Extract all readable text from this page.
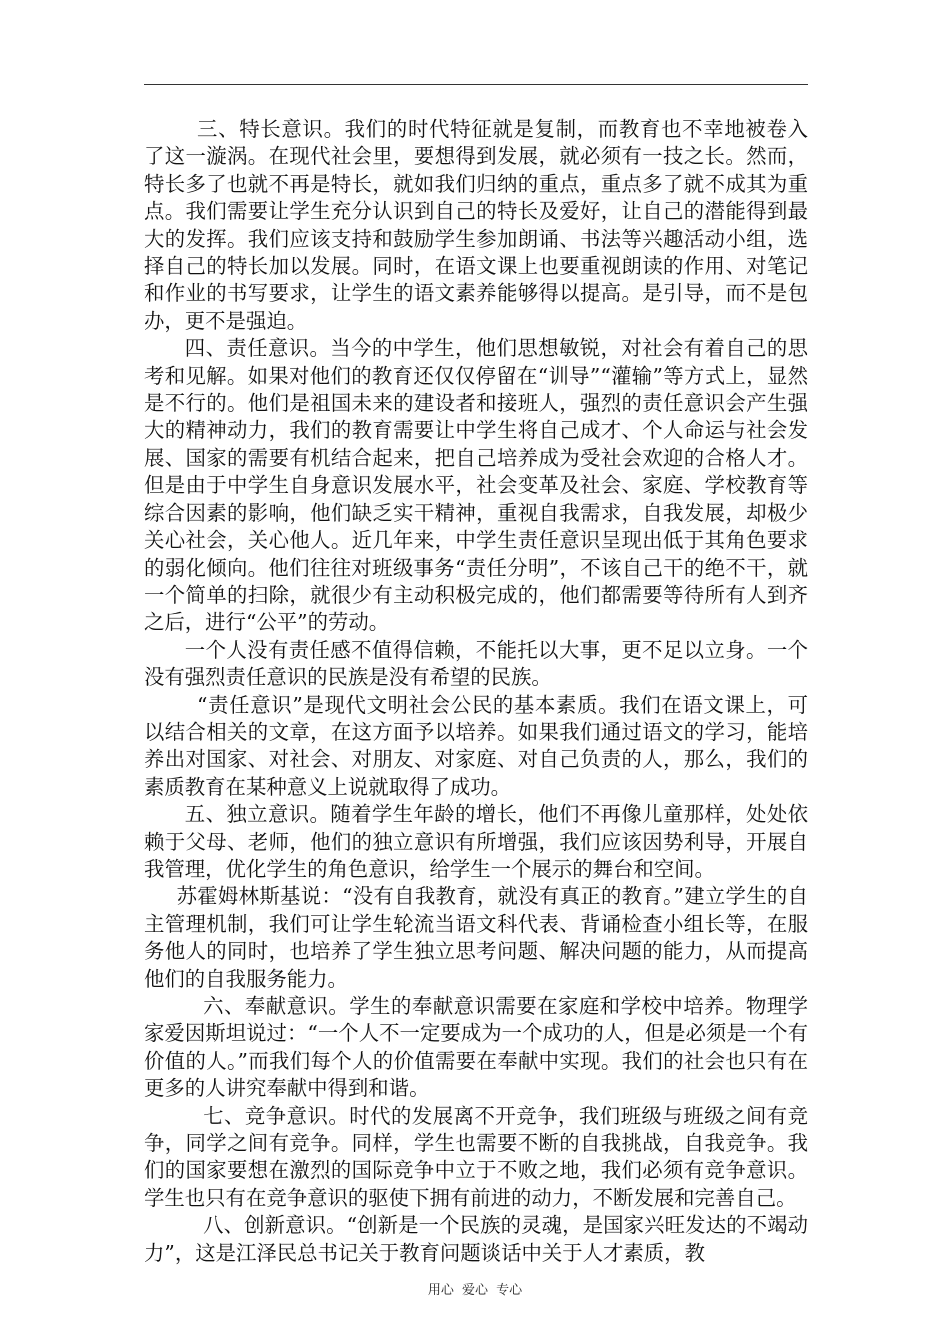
三、特长意识。我们的时代特征就是复制，而教育也不幸地被卷入了这一漩涡。在现代社会里，要想得到发展，就必须有一技之长。然而，特长多了也就不再是特长，就如我们归纳的重点，重点多了就不成其为重点。我们需要让学生充分认识到自己的特长及爱好，让自己的潜能得到最大的发挥。我们应该支持和鼓励学生参加朗诵、书法等兴趣活动小组，选择自己的特长加以发展。同时，在语文课上也要重视朗读的作用、对笔记和作业的书写要求，让学生的语文素养能够得以提高。是引导，而不是包办，更不是强迫。

四、责任意识。当今的中学生，他们思想敏锐，对社会有着自己的思考和见解。如果对他们的教育还仅仅停留在“训导”“灌输”等方式上，显然是不行的。他们是祖国未来的建设者和接班人，强烈的责任意识会产生强大的精神动力，我们的教育需要让中学生将自己成才、个人命运与社会发展、国家的需要有机结合起来，把自己培养成为受社会欢迎的合格人才。但是由于中学生自身意识发展水平，社会变革及社会、家庭、学校教育等综合因素的影响，他们缺乏实干精神，重视自我需求，自我发展，却极少关心社会，关心他人。近几年来，中学生责任意识呈现出低于其角色要求的弱化倾向。他们往往对班级事务“责任分明”，不该自己干的绝不干，就一个简单的扫除，就很少有主动积极完成的，他们都需要等待所有人到齐之后，进行“公平”的劳动。

一个人没有责任感不值得信赖，不能托以大事，更不足以立身。一个没有强烈责任意识的民族是没有希望的民族。

“责任意识”是现代文明社会公民的基本素质。我们在语文课上，可以结合相关的文章，在这方面予以培养。如果我们通过语文的学习，能培养出对国家、对社会、对朋友、对家庭、对自己负责的人，那么，我们的素质教育在某种意义上说就取得了成功。

五、独立意识。随着学生年龄的增长，他们不再像儿童那样，处处依赖于父母、老师，他们的独立意识有所增强，我们应该因势利导，开展自我管理，优化学生的角色意识，给学生一个展示的舞台和空间。

苏霍姆林斯基说：“没有自我教育，就没有真正的教育。”建立学生的自主管理机制，我们可让学生轮流当语文科代表、背诵检查小组长等，在服务他人的同时，也培养了学生独立思考问题、解决问题的能力，从而提高他们的自我服务能力。

六、奉献意识。学生的奉献意识需要在家庭和学校中培养。物理学家爱因斯坦说过：“一个人不一定要成为一个成功的人，但是必须是一个有价值的人。”而我们每个人的价值需要在奉献中实现。我们的社会也只有在更多的人讲究奉献中得到和谐。

七、竞争意识。时代的发展离不开竞争，我们班级与班级之间有竞争，同学之间有竞争。同样，学生也需要不断的自我挑战，自我竞争。我们的国家要想在激烈的国际竞争中立于不败之地，我们必须有竞争意识。学生也只有在竞争意识的驱使下拥有前进的动力，不断发展和完善自己。

八、创新意识。“创新是一个民族的灵魂，是国家兴旺发达的不竭动力”，这是江泽民总书记关于教育问题谈话中关于人才素质，教

用心 爱心 专心
